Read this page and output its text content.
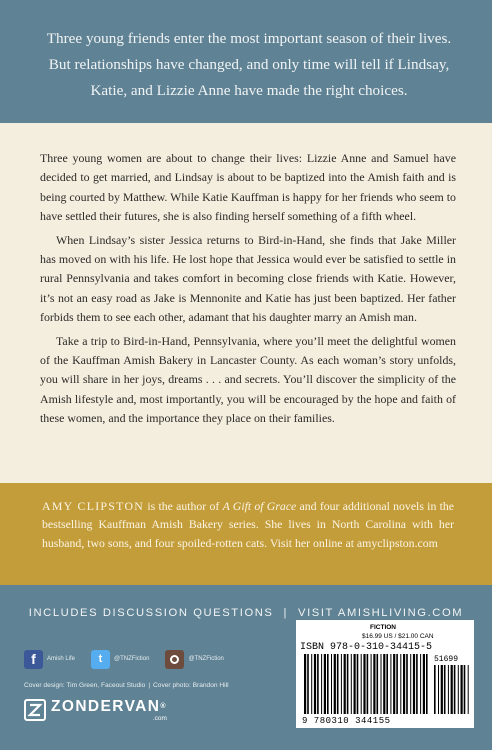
Three young friends enter the most important season of their lives. But relationships have changed, and only time will tell if Lindsay, Katie, and Lizzie Anne have made the right choices.

Three young women are about to change their lives: Lizzie Anne and Samuel have decided to get married, and Lindsay is about to be baptized into the Amish faith and is being courted by Matthew. While Katie Kauffman is happy for her friends who seem to have settled their futures, she is also finding herself something of a fifth wheel.

When Lindsay’s sister Jessica returns to Bird-in-Hand, she finds that Jake Miller has moved on with his life. He lost hope that Jessica would ever be satisfied to settle in rural Pennsylvania and takes comfort in becoming close friends with Katie. However, it’s not an easy road as Jake is Mennonite and Katie has just been baptized. Her father forbids them to see each other, adamant that his daughter marry an Amish man.

Take a trip to Bird-in-Hand, Pennsylvania, where you’ll meet the delightful women of the Kauffman Amish Bakery in Lancaster County. As each woman’s story unfolds, you will share in her joys, dreams . . . and secrets. You’ll discover the simplicity of the Amish lifestyle and, most importantly, you will be encouraged by the hope and faith of these women, and the importance they place on their families.

AMY CLIPSTON is the author of A Gift of Grace and four additional novels in the bestselling Kauffman Amish Bakery series. She lives in North Carolina with her husband, two sons, and four spoiled-rotten cats. Visit her online at amyclipston.com

INCLUDES DISCUSSION QUESTIONS | VISIT AMISHLIVING.COM
f	Amish Life	t	@TNZFiction	@TNZFiction
Cover design: Tim Green, Faceout Studio | Cover photo: Brandon Hill
ZONDERVAN®
.com
FICTION
$16.99 US / $21.00 CAN
ISBN 978-0-310-34415-5
51699
9 780310 344155
